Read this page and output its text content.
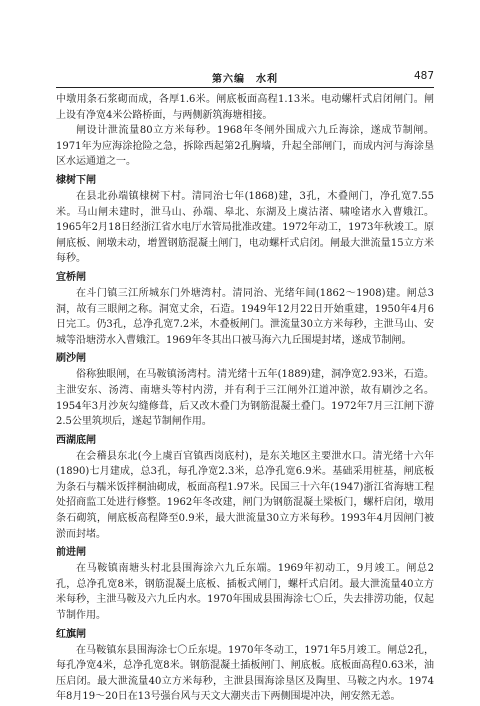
第六编　水利	487

中墩用条石浆砌而成，各厚1.6米。闸底板面高程1.13米。电动螺杆式启闭闸门。闸上设有净宽4米公路桥面，与两侧新筑海塘相接。

闸设计泄流量80立方米每秒。1968年冬闸外围成六九丘海涂，遂成节制闸。1971年为应海涂抢险之急，拆除西起第2孔胸墙，升起全部闸门，而成内河与海涂垦区水运通道之一。

棣树下闸

在县北孙端镇棣树下村。清同治七年(1868)建，3孔，木叠闸门，净孔宽7.55米。马山闸未建时，泄马山、孙端、皋北、东湖及上虞沽渚、啸唫诸水入曹娥江。1965年2月18日经浙江省水电厅水管局批准改建。1972年动工，1973年秋竣工。原闸底板、闸墩未动，增置钢筋混凝土闸门，电动螺杆式启闭。闸最大泄流量15立方米每秒。

宜桥闸

在斗门镇三江所城东门外塘湾村。清同治、光绪年间(1862～1908)建。闸总3洞，故有三眼闸之称。洞宽丈余，石造。1949年12月22日开始重建，1950年4月6日完工。仍3孔，总净孔宽7.2米，木叠板闸门。泄流量30立方米每秒，主泄马山、安城等沿塘涝水入曹娥江。1969年冬其出口被马海六九丘围堤封堵，遂成节制闸。

刷沙闸

俗称独眼闸，在马鞍镇汤湾村。清光绪十五年(1889)建，洞净宽2.93米，石造。主泄安东、汤湾、南塘头等村内涝，并有利于三江闸外江道冲淤，故有刷沙之名。1954年3月沙灰勾缝修葺，后又改木叠门为钢筋混凝土叠门。1972年7月三江闸下游2.5公里筑坝后，遂起节制闸作用。

西湖底闸

在会稽县东北(今上虞百官镇西岗底村)，是东关地区主要泄水口。清光绪十六年(1890)七月建成，总3孔，每孔净宽2.3米，总净孔宽6.9米。基础采用桩基，闸底板为条石与糯米饭拌桐油砌成，板面高程1.97米。民国三十六年(1947)浙江省海塘工程处招商监工处进行修整。1962年冬改建，闸门为钢筋混凝土梁板门，螺杆启闭，墩用条石砌筑，闸底板高程降至0.9米，最大泄流量30立方米每秒。1993年4月因闸门被淤而封堵。

前进闸

在马鞍镇南塘头村北县围海涂六九丘东端。1969年初动工，9月竣工。闸总2孔，总净孔宽8米，钢筋混凝土底板、插板式闸门，螺杆式启闭。最大泄流量40立方米每秒，主泄马鞍及六九丘内水。1970年围成县围海涂七〇丘，失去排涝功能，仅起节制作用。

红旗闸

在马鞍镇东县围海涂七〇丘东堤。1970年冬动工，1971年5月竣工。闸总2孔，每孔净宽4米，总净孔宽8米。钢筋混凝土插板闸门、闸底板。底板面高程0.63米，油压启闭。最大泄流量40立方米每秒，主泄县围海涂垦区及陶里、马鞍之内水。1974年8月19～20日在13号强台风与天文大潮夹击下两侧围堤冲决，闸安然无恙。
